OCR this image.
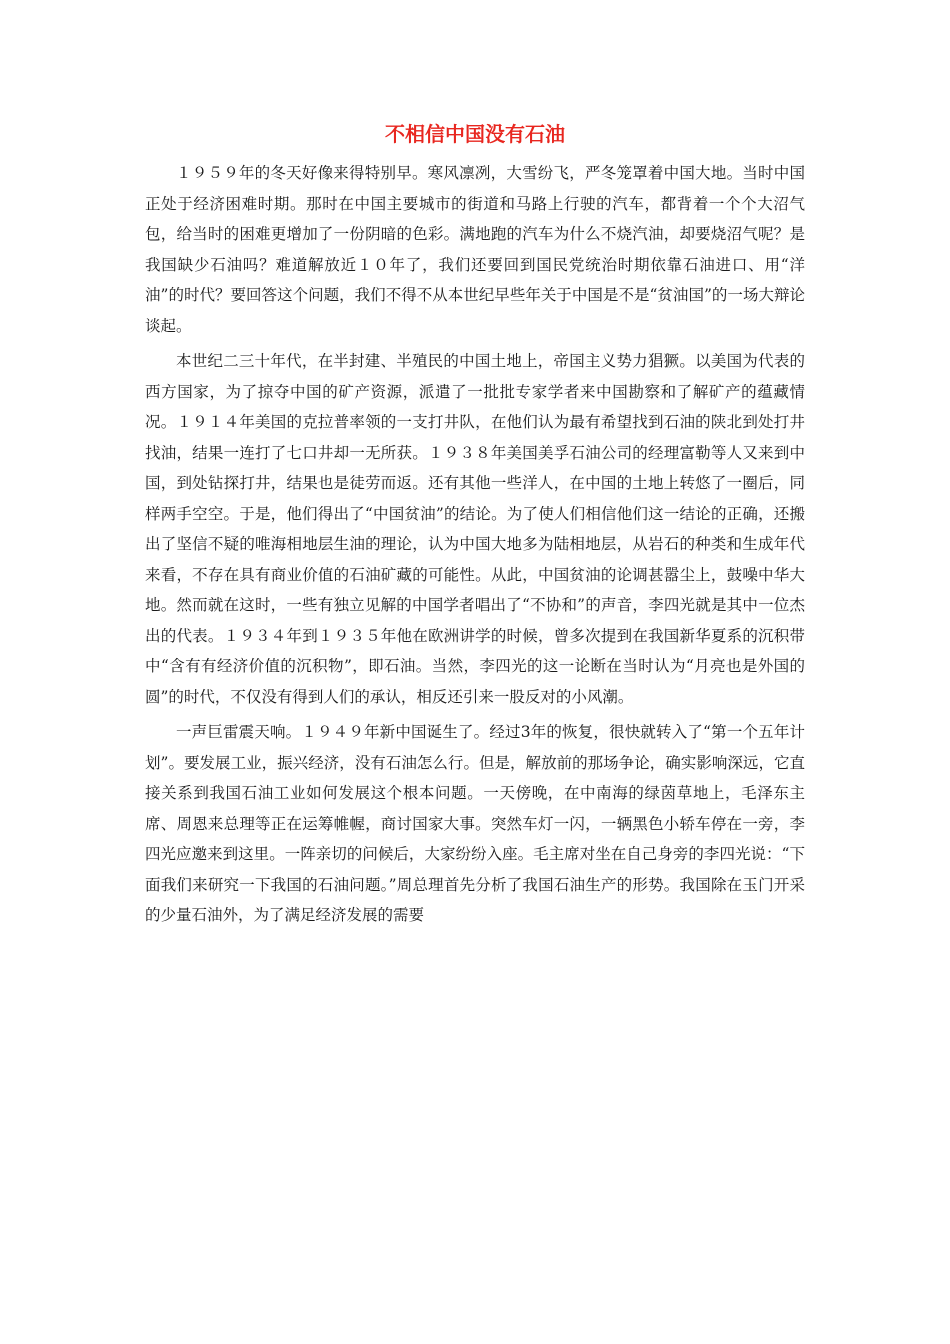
不相信中国没有石油

１９５９年的冬天好像来得特别早。寒风凛冽，大雪纷飞，严冬笼罩着中国大地。当时中国正处于经济困难时期。那时在中国主要城市的街道和马路上行驶的汽车，都背着一个个大沼气包，给当时的困难更增加了一份阴暗的色彩。满地跑的汽车为什么不烧汽油，却要烧沼气呢？是我国缺少石油吗？难道解放近１０年了，我们还要回到国民党统治时期依靠石油进口、用“洋油”的时代？要回答这个问题，我们不得不从本世纪早些年关于中国是不是“贫油国”的一场大辩论谈起。

本世纪二三十年代，在半封建、半殖民的中国土地上，帝国主义势力猖獗。以美国为代表的西方国家，为了掠夺中国的矿产资源，派遣了一批批专家学者来中国勘察和了解矿产的蕴藏情况。１９１４年美国的克拉普率领的一支打井队，在他们认为最有希望找到石油的陕北到处打井找油，结果一连打了七口井却一无所获。１９３８年美国美孚石油公司的经理富勒等人又来到中国，到处钻探打井，结果也是徒劳而返。还有其他一些洋人，在中国的土地上转悠了一圈后，同样两手空空。于是，他们得出了“中国贫油”的结论。为了使人们相信他们这一结论的正确，还搬出了坚信不疑的唯海相地层生油的理论，认为中国大地多为陆相地层，从岩石的种类和生成年代来看，不存在具有商业价值的石油矿藏的可能性。从此，中国贫油的论调甚嚣尘上，鼓噪中华大地。然而就在这时，一些有独立见解的中国学者唱出了“不协和”的声音，李四光就是其中一位杰出的代表。１９３４年到１９３５年他在欧洲讲学的时候，曾多次提到在我国新华夏系的沉积带中“含有有经济价值的沉积物”，即石油。当然，李四光的这一论断在当时认为“月亮也是外国的圆”的时代，不仅没有得到人们的承认，相反还引来一股反对的小风潮。

一声巨雷震天响。１９４９年新中国诞生了。经过3年的恢复，很快就转入了“第一个五年计划”。要发展工业，振兴经济，没有石油怎么行。但是，解放前的那场争论，确实影响深远，它直接关系到我国石油工业如何发展这个根本问题。一天傍晚，在中南海的绿茵草地上，毛泽东主席、周恩来总理等正在运筹帷幄，商讨国家大事。突然车灯一闪，一辆黑色小轿车停在一旁，李四光应邀来到这里。一阵亲切的问候后，大家纷纷入座。毛主席对坐在自己身旁的李四光说：“下面我们来研究一下我国的石油问题。”周总理首先分析了我国石油生产的形势。我国除在玉门开采的少量石油外，为了满足经济发展的需要
